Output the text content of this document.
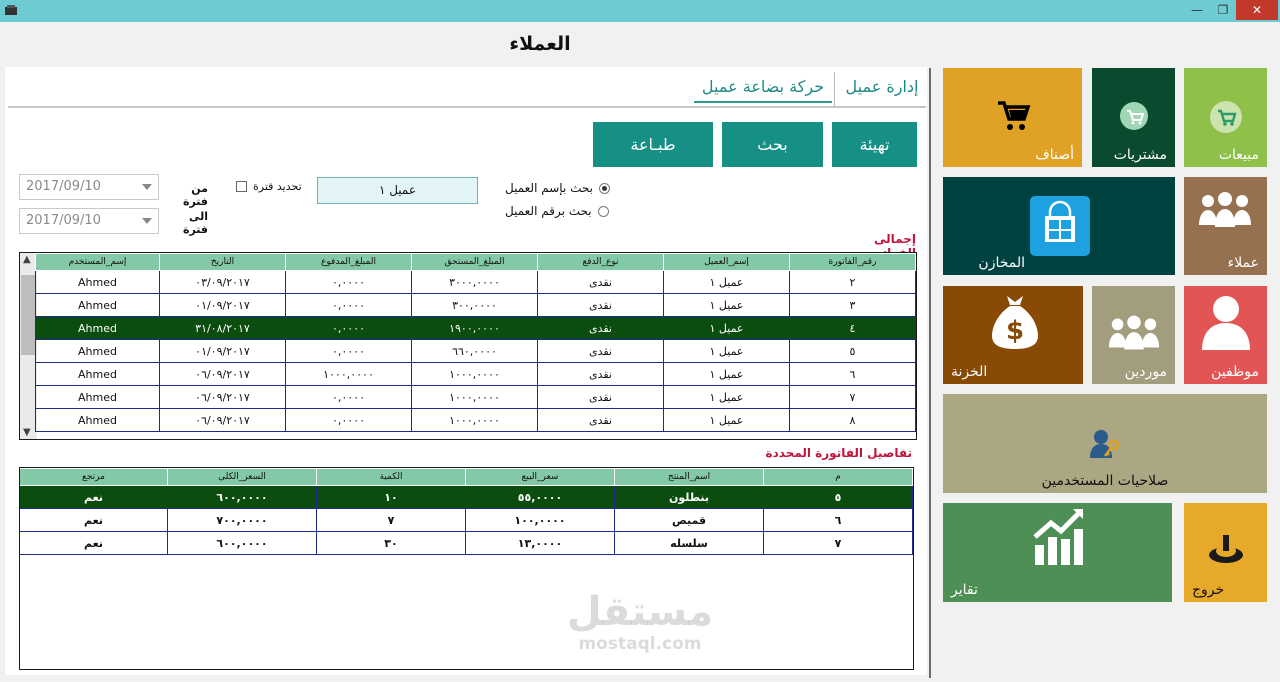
—	❐	✕
العملاء
إدارة عميل
حركة بضاعة عميل
تهيئة
بحث
طبـاعة
بحث بإسم العميل
بحث برقم العميل
عميل ١
تحديد فترة
من فترة
الى فترة
2017/09/10
2017/09/10
إجمالى
▲
▼
رقم_الفاتورة	إسم_العميل	نوع_الدفع	المبلغ_المستحق	المبلغ_المدفوع	التاريخ	إسم_المستخدم
٢	عميل ١	نقدى	٣٠٠٠,٠٠٠٠	٠,٠٠٠٠	٠٣/٠٩/٢٠١٧	Ahmed
٣	عميل ١	نقدى	٣٠٠,٠٠٠٠	٠,٠٠٠٠	٠١/٠٩/٢٠١٧	Ahmed
٤	عميل ١	نقدى	١٩٠٠,٠٠٠٠	٠,٠٠٠٠	٣١/٠٨/٢٠١٧	Ahmed
٥	عميل ١	نقدى	٦٦٠,٠٠٠٠	٠,٠٠٠٠	٠١/٠٩/٢٠١٧	Ahmed
٦	عميل ١	نقدى	١٠٠٠,٠٠٠٠	١٠٠٠,٠٠٠٠	٠٦/٠٩/٢٠١٧	Ahmed
٧	عميل ١	نقدى	١٠٠٠,٠٠٠٠	٠,٠٠٠٠	٠٦/٠٩/٢٠١٧	Ahmed
٨	عميل ١	نقدى	١٠٠٠,٠٠٠٠	٠,٠٠٠٠	٠٦/٠٩/٢٠١٧	Ahmed
تفاصيل الفاتورة المحددة
م	اسم_المنتج	سعر_البيع	الكمية	السعر_الكلى	مرتجع
٥	بنطلون	٥٥,٠٠٠٠	١٠	٦٠٠,٠٠٠٠	نعم
٦	قميص	١٠٠,٠٠٠٠	٧	٧٠٠,٠٠٠٠	نعم
٧	سلسله	١٣,٠٠٠٠	٣٠	٦٠٠,٠٠٠٠	نعم
مستقل
mostaql.com
مبيعات
مشتريات
أصناف
عملاء
المخازن
موظفين
موردين
$
الخزنة
صلاحيات المستخدمين
تقاير	خروج
